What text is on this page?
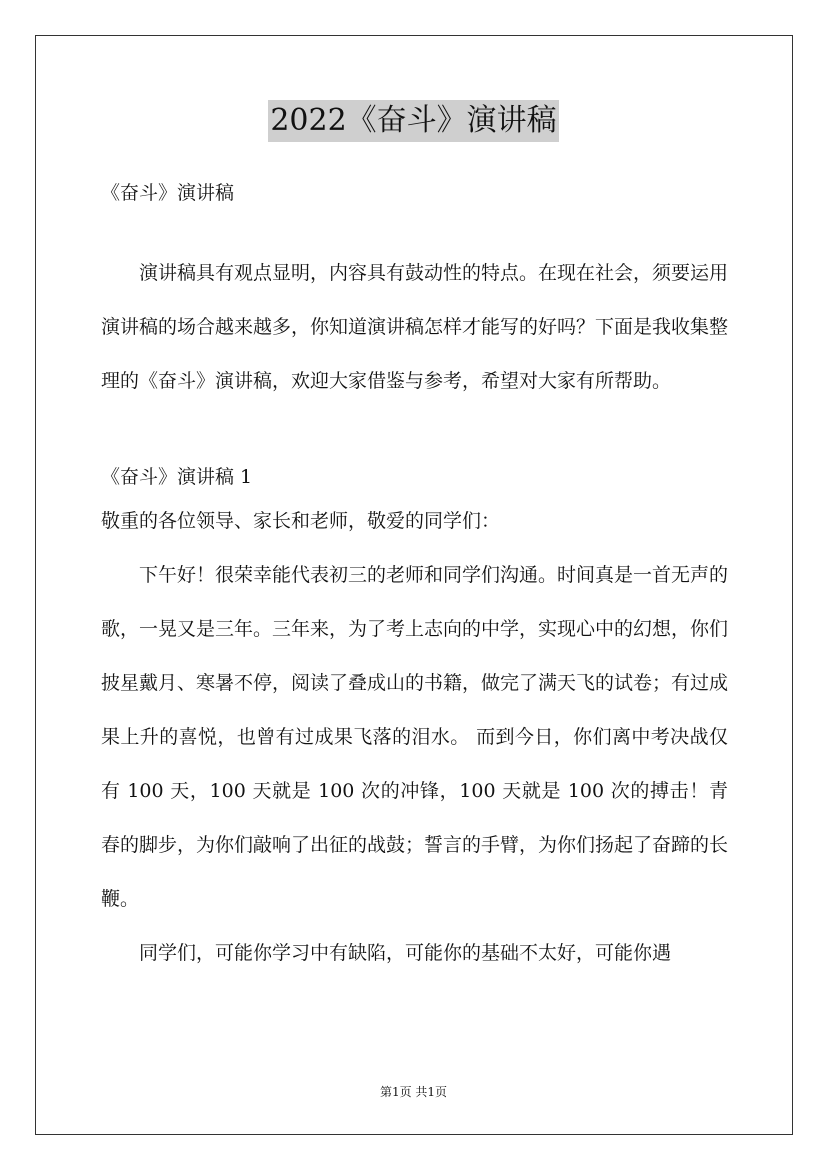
2022《奋斗》演讲稿
《奋斗》演讲稿

演讲稿具有观点显明，内容具有鼓动性的特点。在现在社会，须要运用演讲稿的场合越来越多，你知道演讲稿怎样才能写的好吗？下面是我收集整理的《奋斗》演讲稿，欢迎大家借鉴与参考，希望对大家有所帮助。

《奋斗》演讲稿 1
敬重的各位领导、家长和老师，敬爱的同学们：

下午好！很荣幸能代表初三的老师和同学们沟通。时间真是一首无声的歌，一晃又是三年。三年来，为了考上志向的中学，实现心中的幻想，你们披星戴月、寒暑不停，阅读了叠成山的书籍，做完了满天飞的试卷；有过成果上升的喜悦，也曾有过成果飞落的泪水。 而到今日，你们离中考决战仅有 100 天，100 天就是 100 次的冲锋，100 天就是 100 次的搏击！青春的脚步，为你们敲响了出征的战鼓；誓言的手臂，为你们扬起了奋蹄的长鞭。

同学们，可能你学习中有缺陷，可能你的基础不太好，可能你遇

第1页 共1页
